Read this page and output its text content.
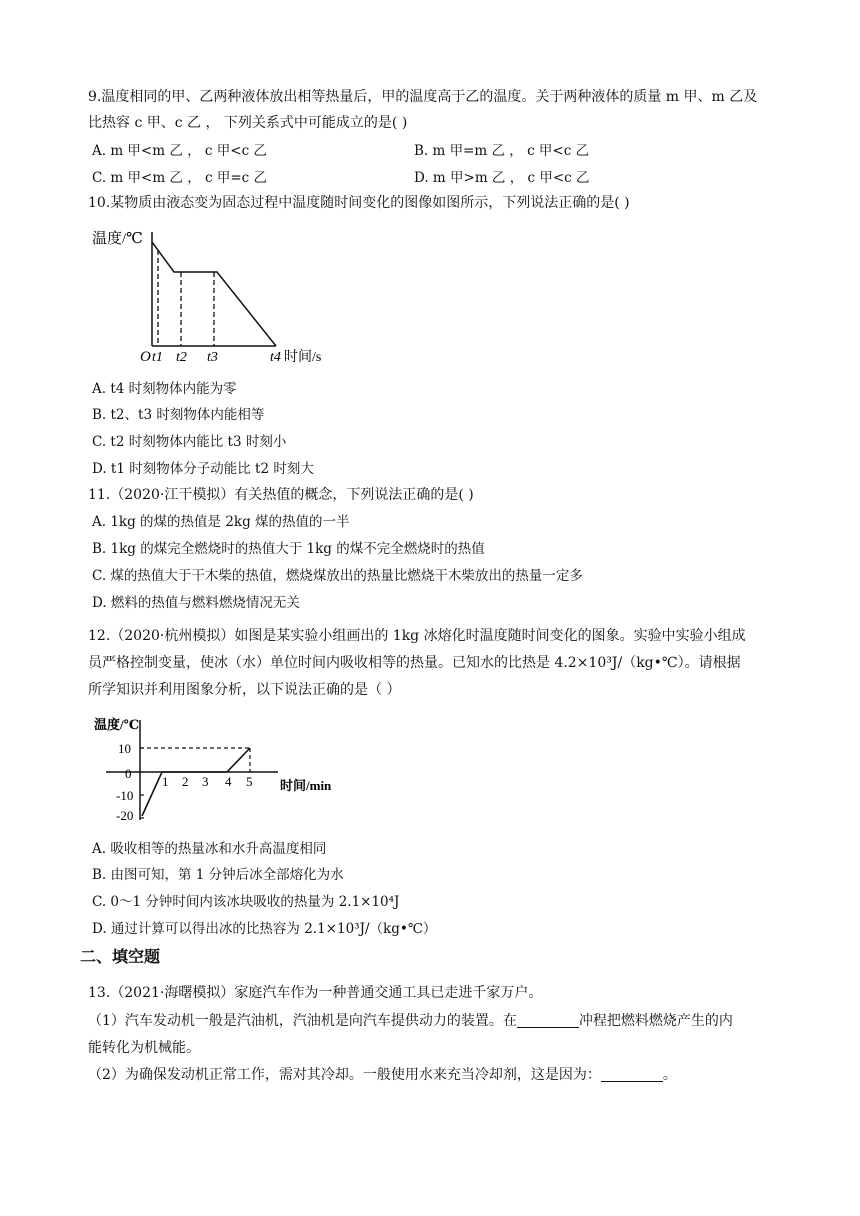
9.温度相同的甲、乙两种液体放出相等热量后，甲的温度高于乙的温度。关于两种液体的质量 m 甲、m 乙及
比热容 c 甲、c 乙 ， 下列关系式中可能成立的是( )
A. m 甲<m 乙 ， c 甲<c 乙	B. m 甲=m 乙 ， c 甲<c 乙
C. m 甲<m 乙 ， c 甲=c 乙	D. m 甲>m 乙 ， c 甲<c 乙
10.某物质由液态变为固态过程中温度随时间变化的图像如图所示，下列说法正确的是( )
温度/℃
O t1 t2 t3	t4 时间/s
A. t4 时刻物体内能为零
B. t2、t3 时刻物体内能相等
C. t2 时刻物体内能比 t3 时刻小
D. t1 时刻物体分子动能比 t2 时刻大
11.（2020·江干模拟）有关热值的概念，下列说法正确的是( )
A. 1kg 的煤的热值是 2kg 煤的热值的一半
B. 1kg 的煤完全燃烧时的热值大于 1kg 的煤不完全燃烧时的热值
C. 煤的热值大于干木柴的热值，燃烧煤放出的热量比燃烧干木柴放出的热量一定多
D. 燃料的热值与燃料燃烧情况无关
12.（2020·杭州模拟）如图是某实验小组画出的 1kg 冰熔化时温度随时间变化的图象。实验中实验小组成
员严格控制变量，使冰（水）单位时间内吸收相等的热量。已知水的比热是 4.2×10³J/（kg•℃）。请根据
所学知识并利用图象分析，以下说法正确的是（ ）
温度/℃
10
0
-10
-20
1 2 3 4 5 时间/min
A. 吸收相等的热量冰和水升高温度相同
B. 由图可知，第 1 分钟后冰全部熔化为水
C. 0～1 分钟时间内该冰块吸收的热量为 2.1×10⁴J
D. 通过计算可以得出冰的比热容为 2.1×10³J/（kg•℃）
二、填空题
13.（2021·海曙模拟）家庭汽车作为一种普通交通工具已走进千家万户。
（1）汽车发动机一般是汽油机，汽油机是向汽车提供动力的装置。在	冲程把燃料燃烧产生的内
能转化为机械能。
（2）为确保发动机正常工作，需对其冷却。一般使用水来充当冷却剂，这是因为：	。
